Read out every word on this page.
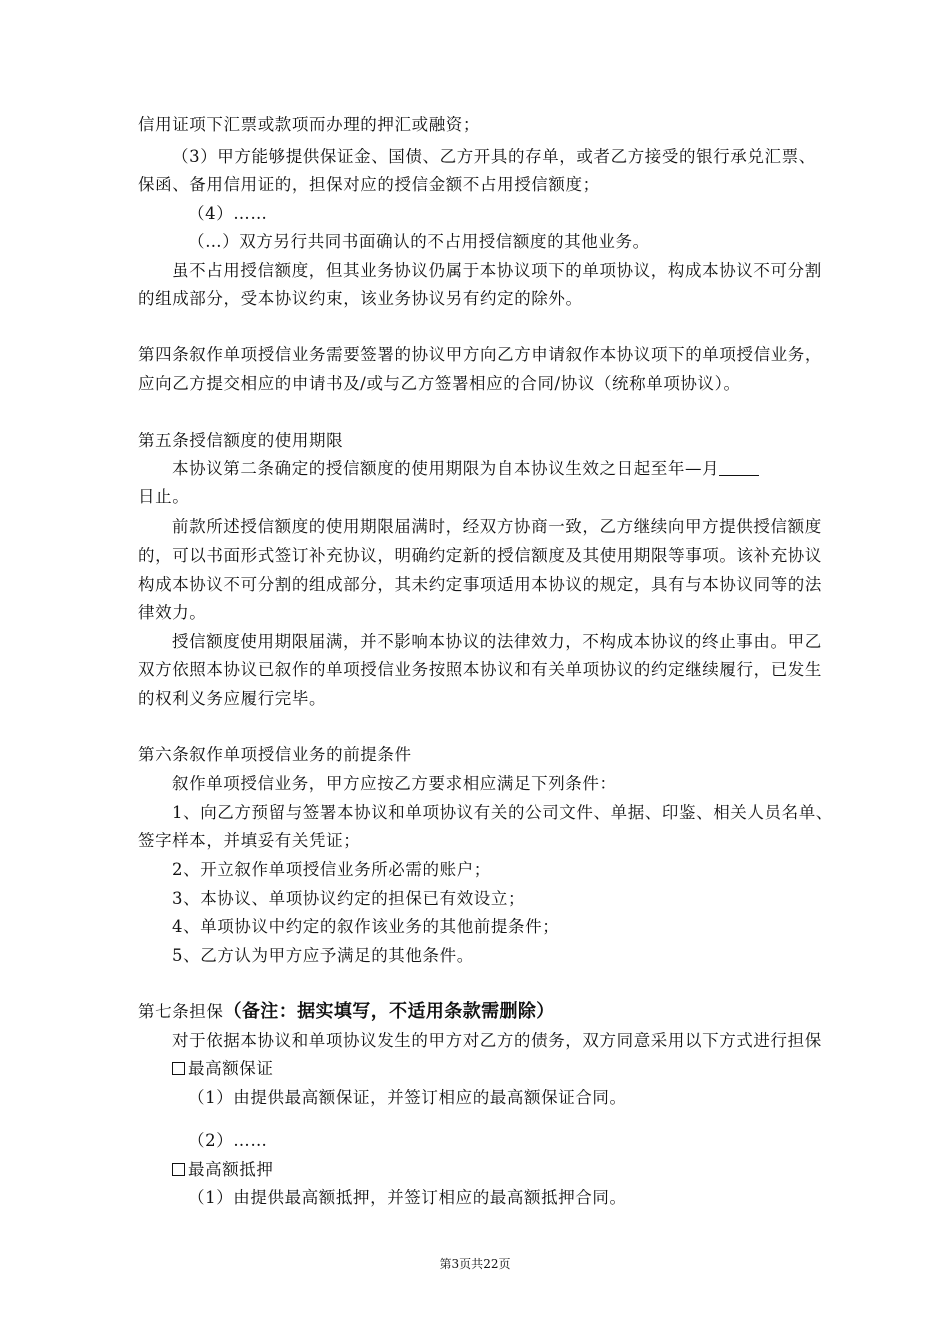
信用证项下汇票或款项而办理的押汇或融资；
（3）甲方能够提供保证金、国债、乙方开具的存单，或者乙方接受的银行承兑汇票、
保函、备用信用证的，担保对应的授信金额不占用授信额度；
（4）……
（…）双方另行共同书面确认的不占用授信额度的其他业务。
虽不占用授信额度，但其业务协议仍属于本协议项下的单项协议，构成本协议不可分割
的组成部分，受本协议约束，该业务协议另有约定的除外。
第四条叙作单项授信业务需要签署的协议甲方向乙方申请叙作本协议项下的单项授信业务，
应向乙方提交相应的申请书及/或与乙方签署相应的合同/协议（统称单项协议）。
第五条授信额度的使用期限
本协议第二条确定的授信额度的使用期限为自本协议生效之日起至年—月
日止。
前款所述授信额度的使用期限届满时，经双方协商一致，乙方继续向甲方提供授信额度
的，可以书面形式签订补充协议，明确约定新的授信额度及其使用期限等事项。该补充协议
构成本协议不可分割的组成部分，其未约定事项适用本协议的规定，具有与本协议同等的法
律效力。
授信额度使用期限届满，并不影响本协议的法律效力，不构成本协议的终止事由。甲乙
双方依照本协议已叙作的单项授信业务按照本协议和有关单项协议的约定继续履行，已发生
的权利义务应履行完毕。
第六条叙作单项授信业务的前提条件
叙作单项授信业务，甲方应按乙方要求相应满足下列条件：
1、向乙方预留与签署本协议和单项协议有关的公司文件、单据、印鉴、相关人员名单、
签字样本，并填妥有关凭证；
2、开立叙作单项授信业务所必需的账户；
3、本协议、单项协议约定的担保已有效设立；
4、单项协议中约定的叙作该业务的其他前提条件；
5、乙方认为甲方应予满足的其他条件。
第七条担保（备注：据实填写，不适用条款需删除）
对于依据本协议和单项协议发生的甲方对乙方的债务，双方同意采用以下方式进行担保
最高额保证
（1）由提供最高额保证，并签订相应的最高额保证合同。
（2）……
最高额抵押
（1）由提供最高额抵押，并签订相应的最高额抵押合同。
第3页共22页
